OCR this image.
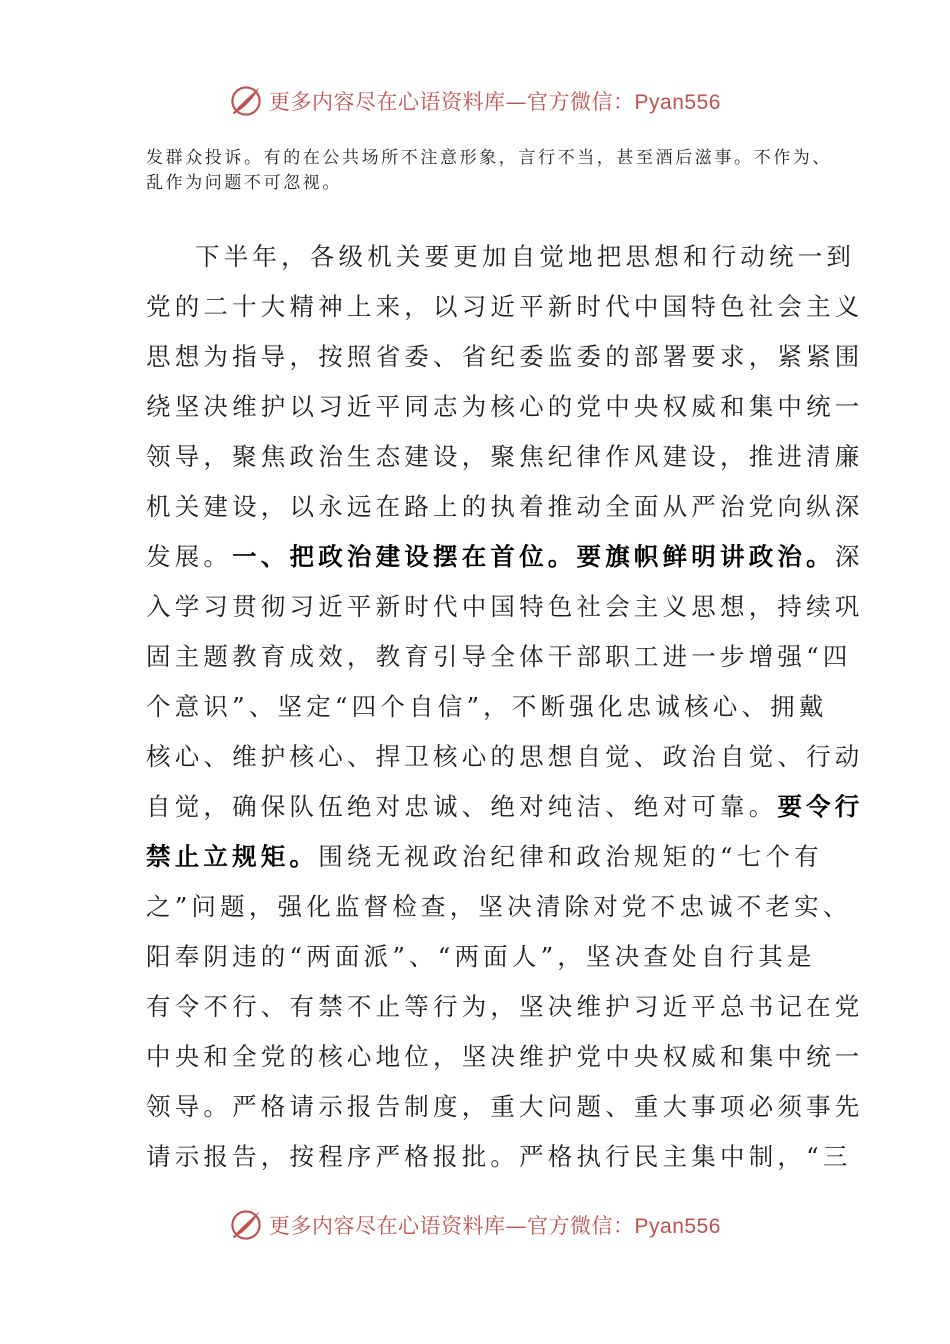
更多内容尽在心语资料库—官方微信：Pyan556
发群众投诉。有的在公共场所不注意形象，言行不当，甚至酒后滋事。不作为、
乱作为问题不可忽视。
下半年，各级机关要更加自觉地把思想和行动统一到
党的二十大精神上来，以习近平新时代中国特色社会主义
思想为指导，按照省委、省纪委监委的部署要求，紧紧围
绕坚决维护以习近平同志为核心的党中央权威和集中统一
领导，聚焦政治生态建设，聚焦纪律作风建设，推进清廉
机关建设，以永远在路上的执着推动全面从严治党向纵深
发展。一、把政治建设摆在首位。要旗帜鲜明讲政治。深
入学习贯彻习近平新时代中国特色社会主义思想，持续巩
固主题教育成效，教育引导全体干部职工进一步增强“四
个意识”、坚定“四个自信”，不断强化忠诚核心、拥戴
核心、维护核心、捍卫核心的思想自觉、政治自觉、行动
自觉，确保队伍绝对忠诚、绝对纯洁、绝对可靠。要令行
禁止立规矩。围绕无视政治纪律和政治规矩的“七个有
之”问题，强化监督检查，坚决清除对党不忠诚不老实、
阳奉阴违的“两面派”、“两面人”，坚决查处自行其是
有令不行、有禁不止等行为，坚决维护习近平总书记在党
中央和全党的核心地位，坚决维护党中央权威和集中统一
领导。严格请示报告制度，重大问题、重大事项必须事先
请示报告，按程序严格报批。严格执行民主集中制，“三
更多内容尽在心语资料库—官方微信：Pyan556
